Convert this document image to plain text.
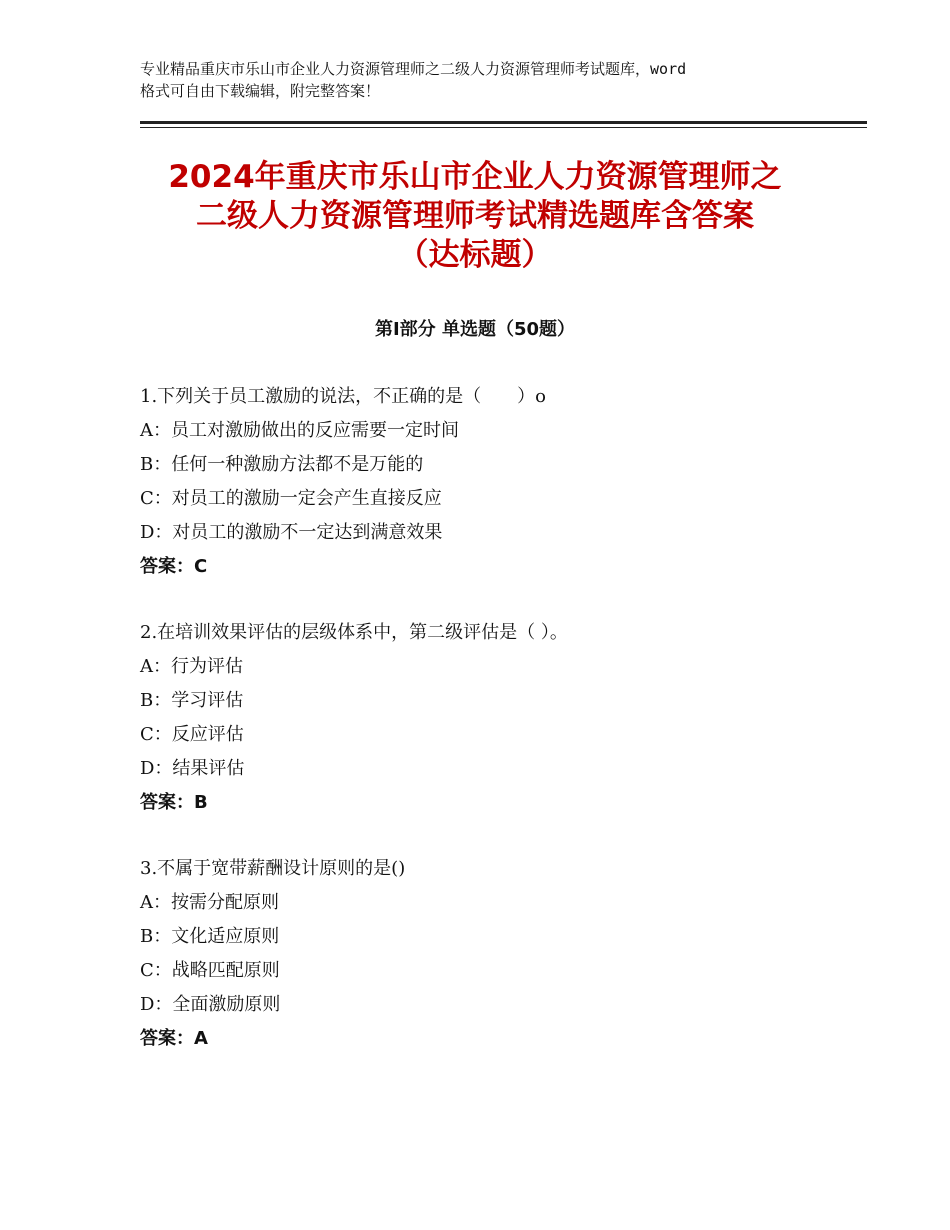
专业精品重庆市乐山市企业人力资源管理师之二级人力资源管理师考试题库，word
格式可自由下载编辑，附完整答案！
2024年重庆市乐山市企业人力资源管理师之
二级人力资源管理师考试精选题库含答案
（达标题）
第Ⅰ部分 单选题（50题）
1.下列关于员工激励的说法，不正确的是（　　）o
A：员工对激励做出的反应需要一定时间
B：任何一种激励方法都不是万能的
C：对员工的激励一定会产生直接反应
D：对员工的激励不一定达到满意效果
答案：C
2.在培训效果评估的层级体系中，第二级评估是（ ）。
A：行为评估
B：学习评估
C：反应评估
D：结果评估
答案：B
3.不属于宽带薪酬设计原则的是()
A：按需分配原则
B：文化适应原则
C：战略匹配原则
D：全面激励原则
答案：A
